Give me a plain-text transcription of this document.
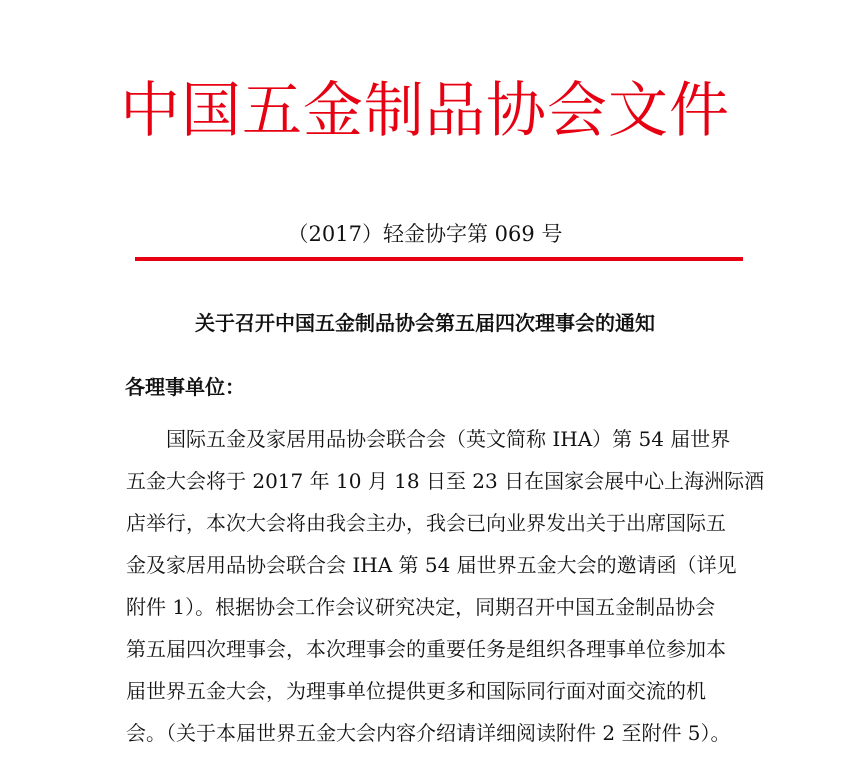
中国五金制品协会文件
（2017）轻金协字第 069 号
关于召开中国五金制品协会第五届四次理事会的通知
各理事单位：
国际五金及家居用品协会联合会（英文简称 IHA）第 54 届世界
五金大会将于 2017 年 10 月 18 日至 23 日在国家会展中心上海洲际酒
店举行，本次大会将由我会主办，我会已向业界发出关于出席国际五
金及家居用品协会联合会 IHA 第 54 届世界五金大会的邀请函（详见
附件 1）。根据协会工作会议研究决定，同期召开中国五金制品协会
第五届四次理事会，本次理事会的重要任务是组织各理事单位参加本
届世界五金大会，为理事单位提供更多和国际同行面对面交流的机
会。（关于本届世界五金大会内容介绍请详细阅读附件 2 至附件 5）。
